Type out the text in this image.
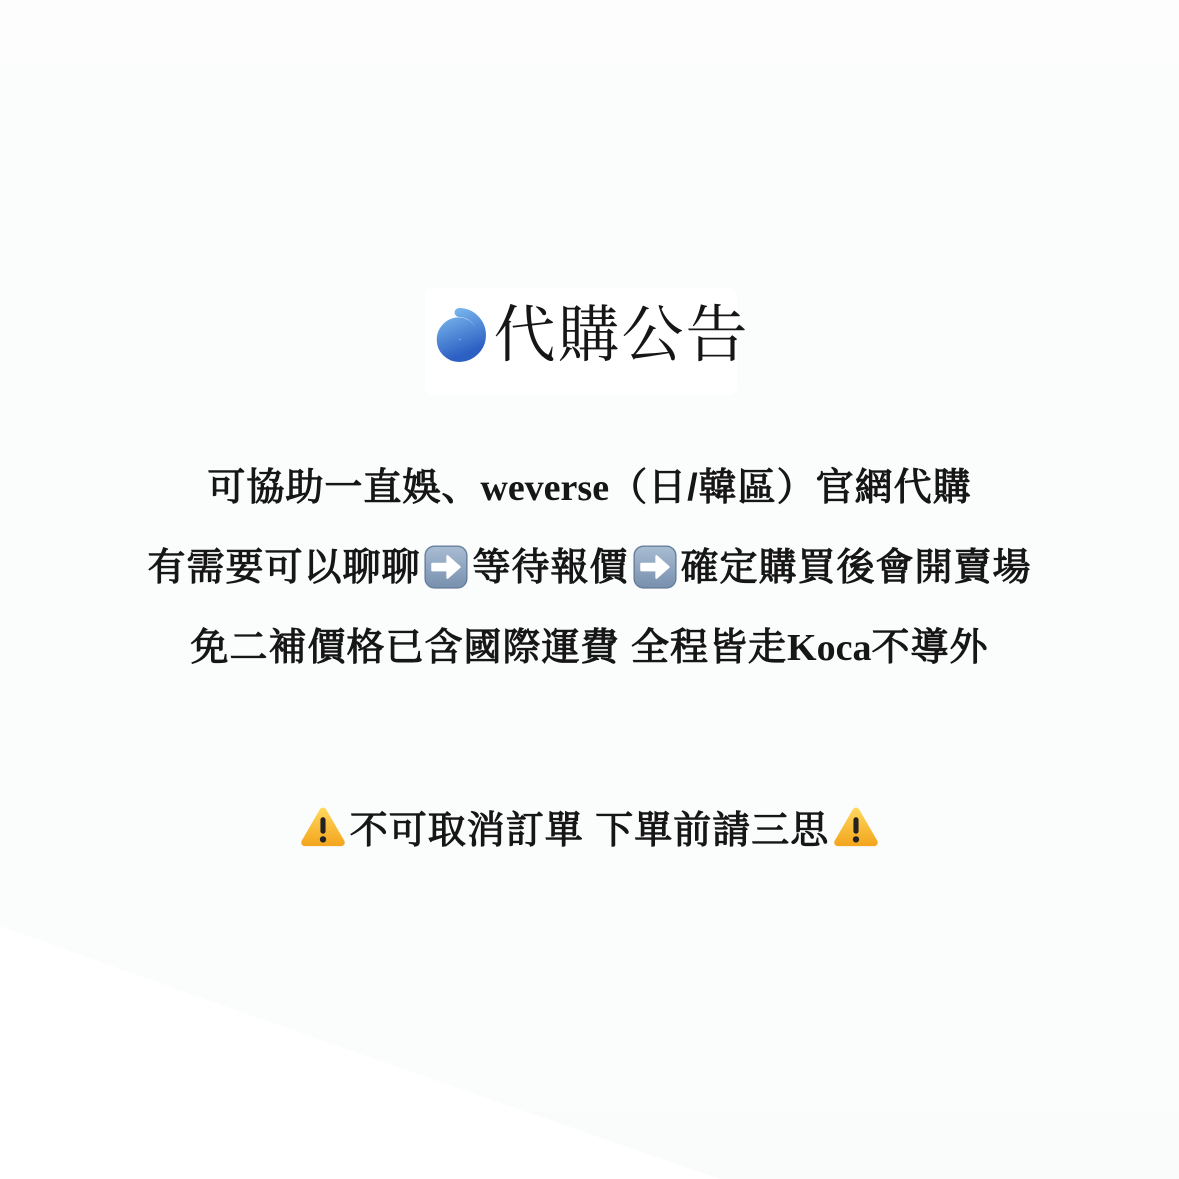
代購公告
可協助一直娛、weverse（日/韓區）官網代購
有需要可以聊聊 等待報價 確定購買後會開賣場
免二補價格已含國際運費 全程皆走Koca不導外
不可取消訂單 下單前請三思
